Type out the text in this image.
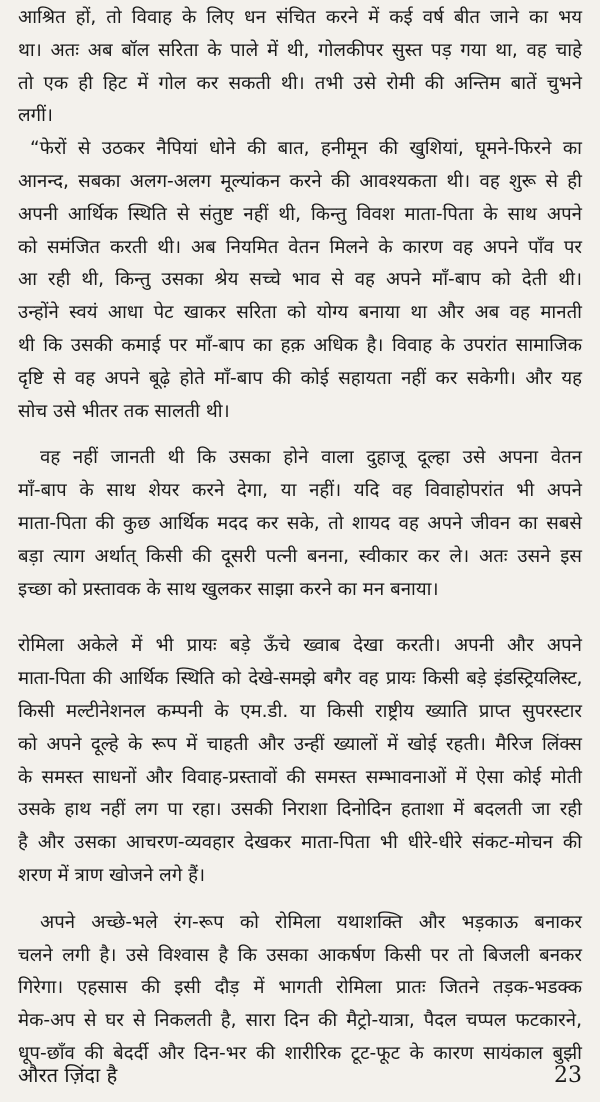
आश्रित हों, तो विवाह के लिए धन संचित करने में कई वर्ष बीत जाने का भय
था। अतः अब बॉल सरिता के पाले में थी, गोलकीपर सुस्त पड़ गया था, वह चाहे
तो एक ही हिट में गोल कर सकती थी। तभी उसे रोमी की अन्तिम बातें चुभने
लगीं।
“फेरों से उठकर नैपियां धोने की बात, हनीमून की खुशियां, घूमने-फिरने का
आनन्द, सबका अलग-अलग मूल्यांकन करने की आवश्यकता थी। वह शुरू से ही
अपनी आर्थिक स्थिति से संतुष्ट नहीं थी, किन्तु विवश माता-पिता के साथ अपने
को समंजित करती थी। अब नियमित वेतन मिलने के कारण वह अपने पाँव पर
आ रही थी, किन्तु उसका श्रेय सच्चे भाव से वह अपने माँ-बाप को देती थी।
उन्होंने स्वयं आधा पेट खाकर सरिता को योग्य बनाया था और अब वह मानती
थी कि उसकी कमाई पर माँ-बाप का हक़ अधिक है। विवाह के उपरांत सामाजिक
दृष्टि से वह अपने बूढ़े होते माँ-बाप की कोई सहायता नहीं कर सकेगी। और यह
सोच उसे भीतर तक सालती थी।
वह नहीं जानती थी कि उसका होने वाला दुहाजू दूल्हा उसे अपना वेतन
माँ-बाप के साथ शेयर करने देगा, या नहीं। यदि वह विवाहोपरांत भी अपने
माता-पिता की कुछ आर्थिक मदद कर सके, तो शायद वह अपने जीवन का सबसे
बड़ा त्याग अर्थात् किसी की दूसरी पत्नी बनना, स्वीकार कर ले। अतः उसने इस
इच्छा को प्रस्तावक के साथ खुलकर साझा करने का मन बनाया।
रोमिला अकेले में भी प्रायः बड़े ऊँचे ख्वाब देखा करती। अपनी और अपने
माता-पिता की आर्थिक स्थिति को देखे-समझे बगैर वह प्रायः किसी बड़े इंडस्ट्रियलिस्ट,
किसी मल्टीनेशनल कम्पनी के एम.डी. या किसी राष्ट्रीय ख्याति प्राप्त सुपरस्टार
को अपने दूल्हे के रूप में चाहती और उन्हीं ख्यालों में खोई रहती। मैरिज लिंक्स
के समस्त साधनों और विवाह-प्रस्तावों की समस्त सम्भावनाओं में ऐसा कोई मोती
उसके हाथ नहीं लग पा रहा। उसकी निराशा दिनोदिन हताशा में बदलती जा रही
है और उसका आचरण-व्यवहार देखकर माता-पिता भी धीरे-धीरे संकट-मोचन की
शरण में त्राण खोजने लगे हैं।
अपने अच्छे-भले रंग-रूप को रोमिला यथाशक्ति और भड़काऊ बनाकर
चलने लगी है। उसे विश्वास है कि उसका आकर्षण किसी पर तो बिजली बनकर
गिरेगा। एहसास की इसी दौड़ में भागती रोमिला प्रातः जितने तड़क-भडक्क
मेक-अप से घर से निकलती है, सारा दिन की मैट्रो-यात्रा, पैदल चप्पल फटकारने,
धूप-छाँव की बेदर्दी और दिन-भर की शारीरिक टूट-फूट के कारण सायंकाल बुझी
औरत ज़िंदा है	23
